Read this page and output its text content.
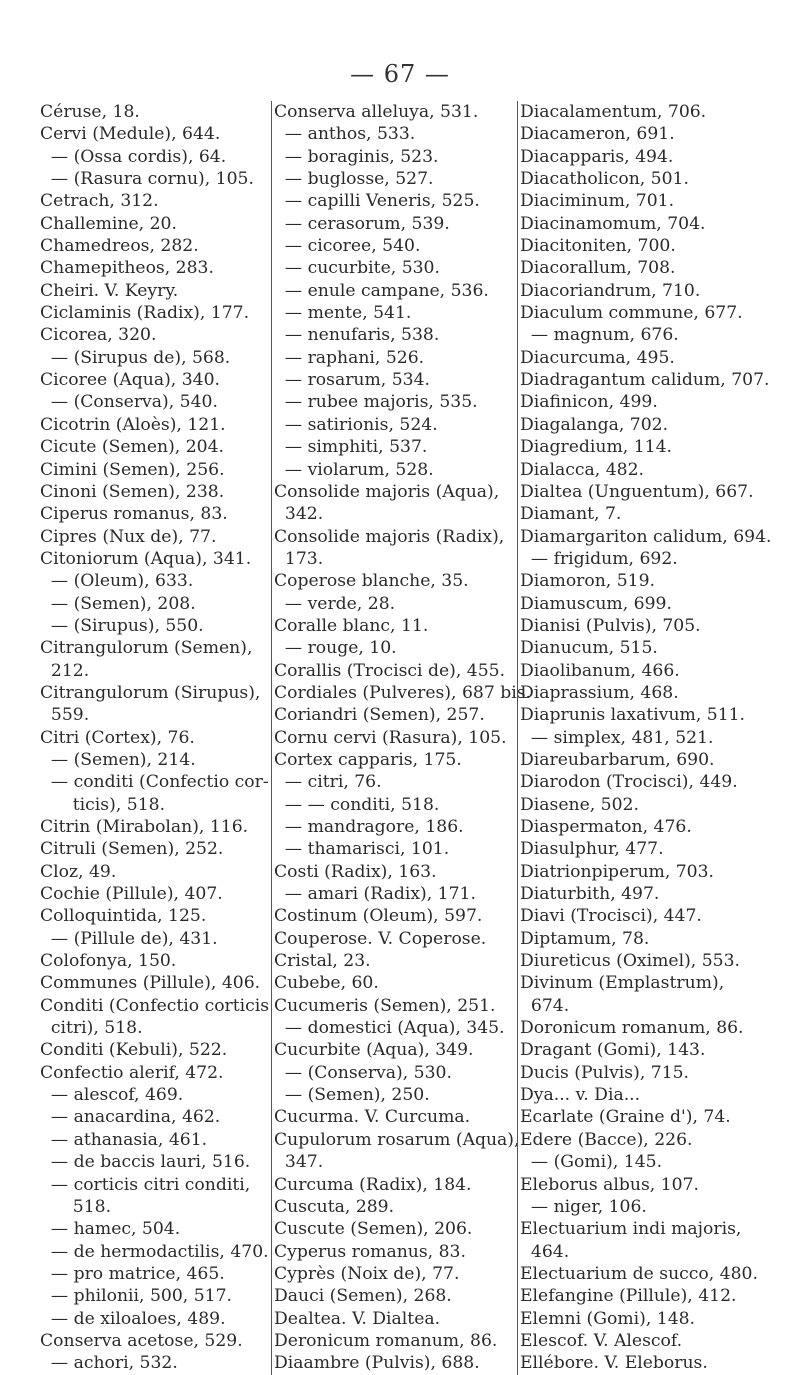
— 67 —
Céruse, 18.
Cervi (Medule), 644.
— (Ossa cordis), 64.
— (Rasura cornu), 105.
Cetrach, 312.
Challemine, 20.
Chamedreos, 282.
Chamepitheos, 283.
Cheiri. V. Keyry.
Ciclaminis (Radix), 177.
Cicorea, 320.
— (Sirupus de), 568.
Cicoree (Aqua), 340.
— (Conserva), 540.
Cicotrin (Aloès), 121.
Cicute (Semen), 204.
Cimini (Semen), 256.
Cinoni (Semen), 238.
Ciperus romanus, 83.
Cipres (Nux de), 77.
Citoniorum (Aqua), 341.
— (Oleum), 633.
— (Semen), 208.
— (Sirupus), 550.
Citrangulorum (Semen),
212.
Citrangulorum (Sirupus),
559.
Citri (Cortex), 76.
— (Semen), 214.
— conditi (Confectio cor-
ticis), 518.
Citrin (Mirabolan), 116.
Citruli (Semen), 252.
Cloz, 49.
Cochie (Pillule), 407.
Colloquintida, 125.
— (Pillule de), 431.
Colofonya, 150.
Communes (Pillule), 406.
Conditi (Confectio corticis
citri), 518.
Conditi (Kebuli), 522.
Confectio alerif, 472.
— alescof, 469.
— anacardina, 462.
— athanasia, 461.
— de baccis lauri, 516.
— corticis citri conditi,
518.
— hamec, 504.
— de hermodactilis, 470.
— pro matrice, 465.
— philonii, 500, 517.
— de xiloaloes, 489.
Conserva acetose, 529.
— achori, 532.
Conserva alleluya, 531.
— anthos, 533.
— boraginis, 523.
— buglosse, 527.
— capilli Veneris, 525.
— cerasorum, 539.
— cicoree, 540.
— cucurbite, 530.
— enule campane, 536.
— mente, 541.
— nenufaris, 538.
— raphani, 526.
— rosarum, 534.
— rubee majoris, 535.
— satirionis, 524.
— simphiti, 537.
— violarum, 528.
Consolide majoris (Aqua),
342.
Consolide majoris (Radix),
173.
Coperose blanche, 35.
— verde, 28.
Coralle blanc, 11.
— rouge, 10.
Corallis (Trocisci de), 455.
Cordiales (Pulveres), 687 bis.
Coriandri (Semen), 257.
Cornu cervi (Rasura), 105.
Cortex capparis, 175.
— citri, 76.
— — conditi, 518.
— mandragore, 186.
— thamarisci, 101.
Costi (Radix), 163.
— amari (Radix), 171.
Costinum (Oleum), 597.
Couperose. V. Coperose.
Cristal, 23.
Cubebe, 60.
Cucumeris (Semen), 251.
— domestici (Aqua), 345.
Cucurbite (Aqua), 349.
— (Conserva), 530.
— (Semen), 250.
Cucurma. V. Curcuma.
Cupulorum rosarum (Aqua),
347.
Curcuma (Radix), 184.
Cuscuta, 289.
Cuscute (Semen), 206.
Cyperus romanus, 83.
Cyprès (Noix de), 77.
Dauci (Semen), 268.
Dealtea. V. Dialtea.
Deronicum romanum, 86.
Diaambre (Pulvis), 688.
Diacalamentum, 706.
Diacameron, 691.
Diacapparis, 494.
Diacatholicon, 501.
Diaciminum, 701.
Diacinamomum, 704.
Diacitoniten, 700.
Diacorallum, 708.
Diacoriandrum, 710.
Diaculum commune, 677.
— magnum, 676.
Diacurcuma, 495.
Diadragantum calidum, 707.
Diafinicon, 499.
Diagalanga, 702.
Diagredium, 114.
Dialacca, 482.
Dialtea (Unguentum), 667.
Diamant, 7.
Diamargariton calidum, 694.
— frigidum, 692.
Diamoron, 519.
Diamuscum, 699.
Dianisi (Pulvis), 705.
Dianucum, 515.
Diaolibanum, 466.
Diaprassium, 468.
Diaprunis laxativum, 511.
— simplex, 481, 521.
Diareubarbarum, 690.
Diarodon (Trocisci), 449.
Diasene, 502.
Diaspermaton, 476.
Diasulphur, 477.
Diatrionpiperum, 703.
Diaturbith, 497.
Diavi (Trocisci), 447.
Diptamum, 78.
Diureticus (Oximel), 553.
Divinum (Emplastrum),
674.
Doronicum romanum, 86.
Dragant (Gomi), 143.
Ducis (Pulvis), 715.
Dya... v. Dia...
Ecarlate (Graine d'), 74.
Edere (Bacce), 226.
— (Gomi), 145.
Eleborus albus, 107.
— niger, 106.
Electuarium indi majoris,
464.
Electuarium de succo, 480.
Elefangine (Pillule), 412.
Elemni (Gomi), 148.
Elescof. V. Alescof.
Ellébore. V. Eleborus.
